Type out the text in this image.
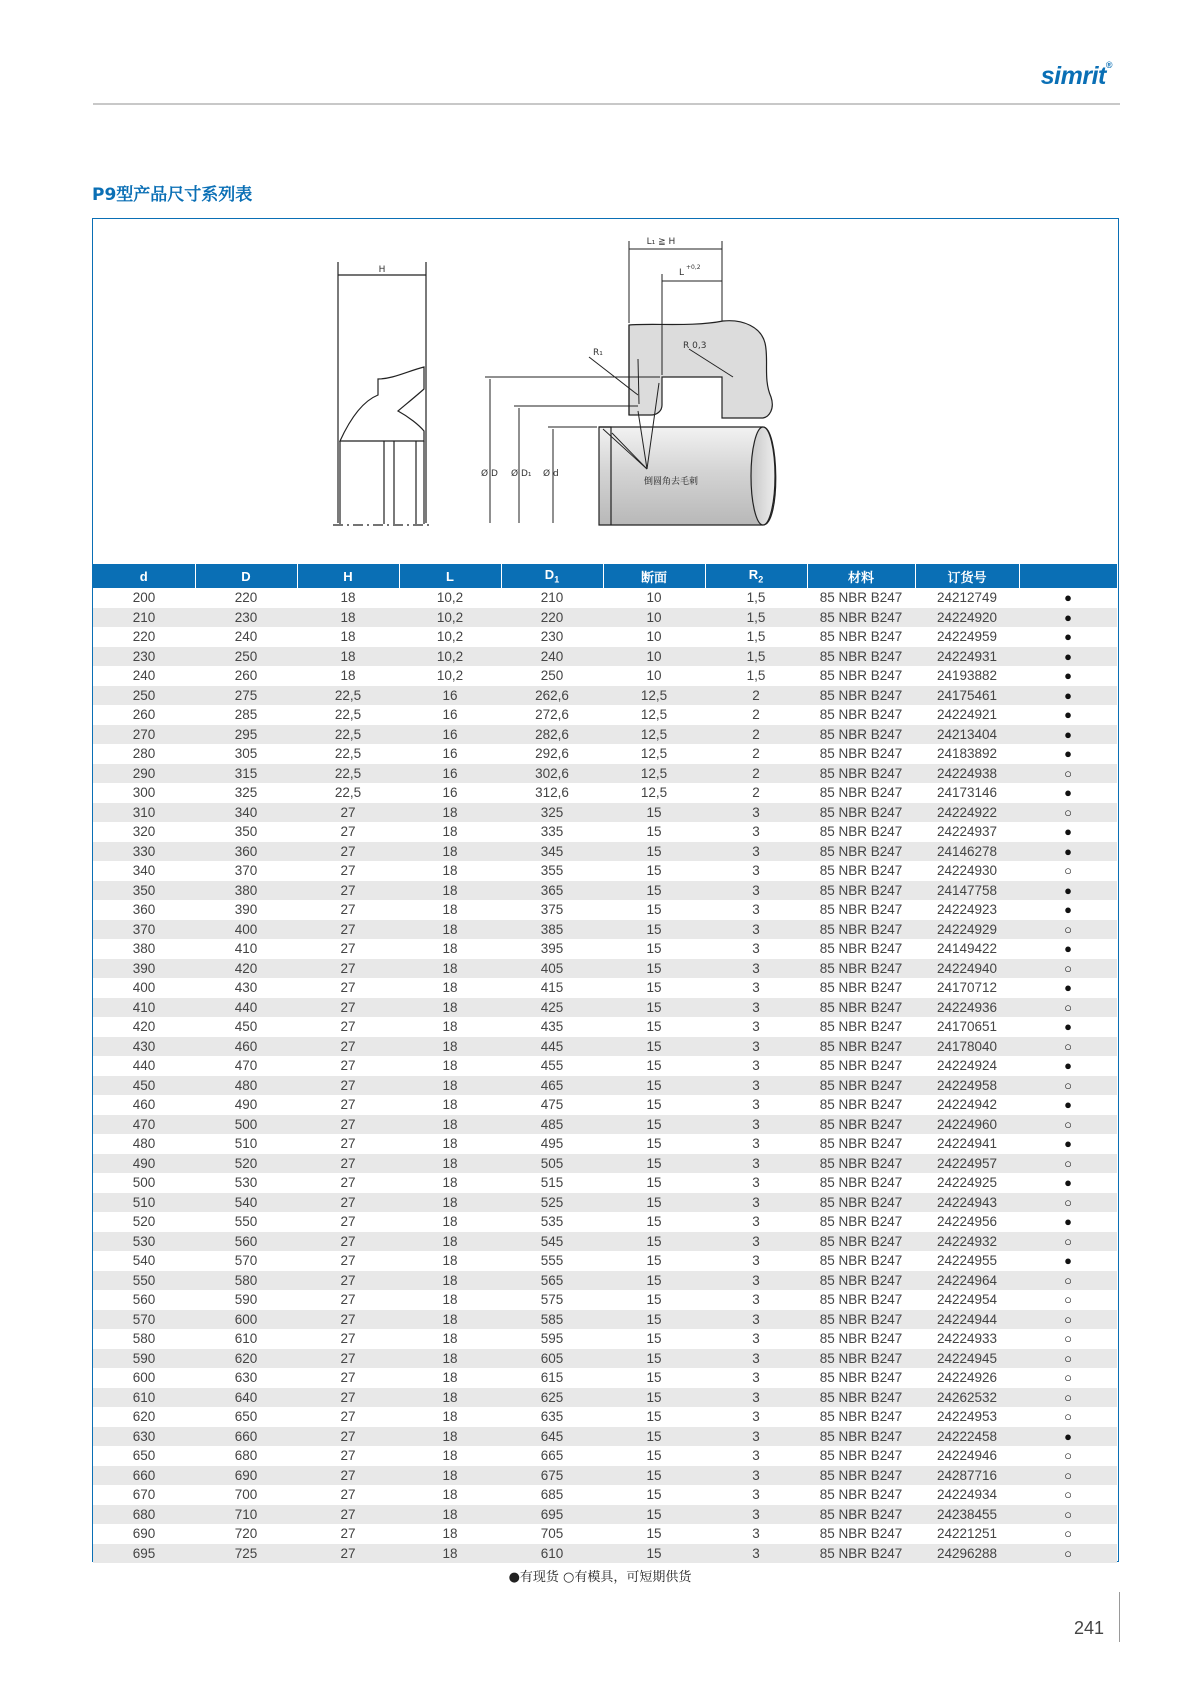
simrit®
P9型产品尺寸系列表
H
L₁ ≧ H
L
+0,2
R₁
R 0,3
Ø D Ø D₁ Ø d
倒圆角去毛刺
d	D	H	L	$D_1$	断面	$R_2$	材料	订货号	
200	220	18	10,2	210	10	1,5	85 NBR B247	24212749	●
210	230	18	10,2	220	10	1,5	85 NBR B247	24224920	●
220	240	18	10,2	230	10	1,5	85 NBR B247	24224959	●
230	250	18	10,2	240	10	1,5	85 NBR B247	24224931	●
240	260	18	10,2	250	10	1,5	85 NBR B247	24193882	●
250	275	22,5	16	262,6	12,5	2	85 NBR B247	24175461	●
260	285	22,5	16	272,6	12,5	2	85 NBR B247	24224921	●
270	295	22,5	16	282,6	12,5	2	85 NBR B247	24213404	●
280	305	22,5	16	292,6	12,5	2	85 NBR B247	24183892	●
290	315	22,5	16	302,6	12,5	2	85 NBR B247	24224938	○
300	325	22,5	16	312,6	12,5	2	85 NBR B247	24173146	●
310	340	27	18	325	15	3	85 NBR B247	24224922	○
320	350	27	18	335	15	3	85 NBR B247	24224937	●
330	360	27	18	345	15	3	85 NBR B247	24146278	●
340	370	27	18	355	15	3	85 NBR B247	24224930	○
350	380	27	18	365	15	3	85 NBR B247	24147758	●
360	390	27	18	375	15	3	85 NBR B247	24224923	●
370	400	27	18	385	15	3	85 NBR B247	24224929	○
380	410	27	18	395	15	3	85 NBR B247	24149422	●
390	420	27	18	405	15	3	85 NBR B247	24224940	○
400	430	27	18	415	15	3	85 NBR B247	24170712	●
410	440	27	18	425	15	3	85 NBR B247	24224936	○
420	450	27	18	435	15	3	85 NBR B247	24170651	●
430	460	27	18	445	15	3	85 NBR B247	24178040	○
440	470	27	18	455	15	3	85 NBR B247	24224924	●
450	480	27	18	465	15	3	85 NBR B247	24224958	○
460	490	27	18	475	15	3	85 NBR B247	24224942	●
470	500	27	18	485	15	3	85 NBR B247	24224960	○
480	510	27	18	495	15	3	85 NBR B247	24224941	●
490	520	27	18	505	15	3	85 NBR B247	24224957	○
500	530	27	18	515	15	3	85 NBR B247	24224925	●
510	540	27	18	525	15	3	85 NBR B247	24224943	○
520	550	27	18	535	15	3	85 NBR B247	24224956	●
530	560	27	18	545	15	3	85 NBR B247	24224932	○
540	570	27	18	555	15	3	85 NBR B247	24224955	●
550	580	27	18	565	15	3	85 NBR B247	24224964	○
560	590	27	18	575	15	3	85 NBR B247	24224954	○
570	600	27	18	585	15	3	85 NBR B247	24224944	○
580	610	27	18	595	15	3	85 NBR B247	24224933	○
590	620	27	18	605	15	3	85 NBR B247	24224945	○
600	630	27	18	615	15	3	85 NBR B247	24224926	○
610	640	27	18	625	15	3	85 NBR B247	24262532	○
620	650	27	18	635	15	3	85 NBR B247	24224953	○
630	660	27	18	645	15	3	85 NBR B247	24222458	●
650	680	27	18	665	15	3	85 NBR B247	24224946	○
660	690	27	18	675	15	3	85 NBR B247	24287716	○
670	700	27	18	685	15	3	85 NBR B247	24224934	○
680	710	27	18	695	15	3	85 NBR B247	24238455	○
690	720	27	18	705	15	3	85 NBR B247	24221251	○
695	725	27	18	610	15	3	85 NBR B247	24296288	○
●有现货 ○有模具，可短期供货
241
